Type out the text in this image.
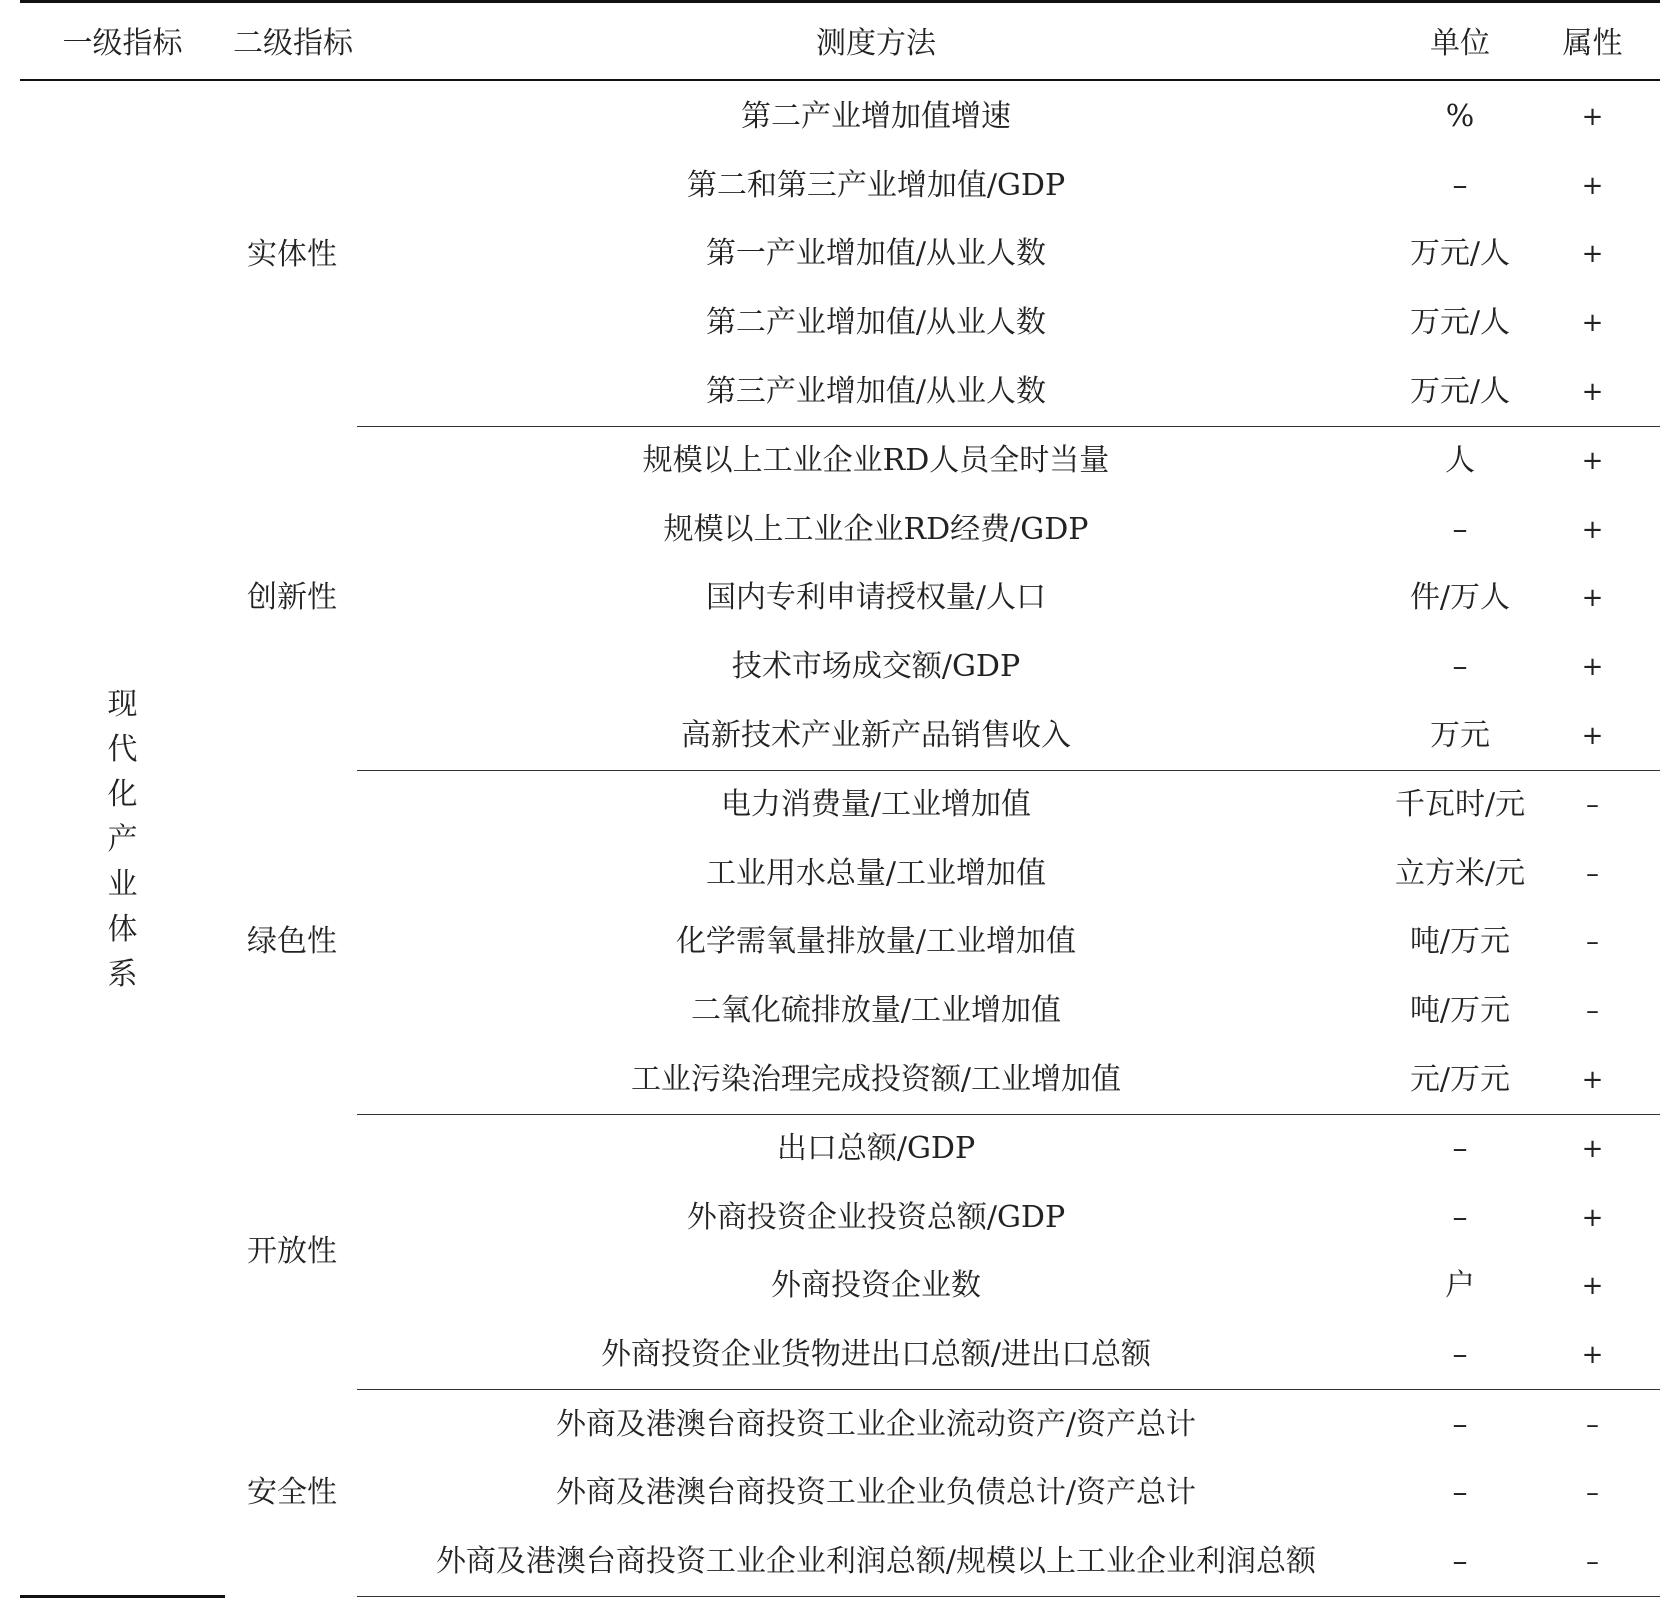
一级指标	二级指标	测度方法	单位	属性
现代化产业体系	实体性	第二产业增加值增速	%	+
		第二和第三产业增加值/GDP	–	+
		第一产业增加值/从业人数	万元/人	+
		第二产业增加值/从业人数	万元/人	+
		第三产业增加值/从业人数	万元/人	+
	创新性	规模以上工业企业RD人员全时当量	人	+
		规模以上工业企业RD经费/GDP	–	+
		国内专利申请授权量/人口	件/万人	+
		技术市场成交额/GDP	–	+
		高新技术产业新产品销售收入	万元	+
	绿色性	电力消费量/工业增加值	千瓦时/元	–
		工业用水总量/工业增加值	立方米/元	–
		化学需氧量排放量/工业增加值	吨/万元	–
		二氧化硫排放量/工业增加值	吨/万元	–
		工业污染治理完成投资额/工业增加值	元/万元	+
	开放性	出口总额/GDP	–	+
		外商投资企业投资总额/GDP	–	+
		外商投资企业数	户	+
		外商投资企业货物进出口总额/进出口总额	–	+
	安全性	外商及港澳台商投资工业企业流动资产/资产总计	–	–
		外商及港澳台商投资工业企业负债总计/资产总计	–	–
		外商及港澳台商投资工业企业利润总额/规模以上工业企业利润总额	–	–
